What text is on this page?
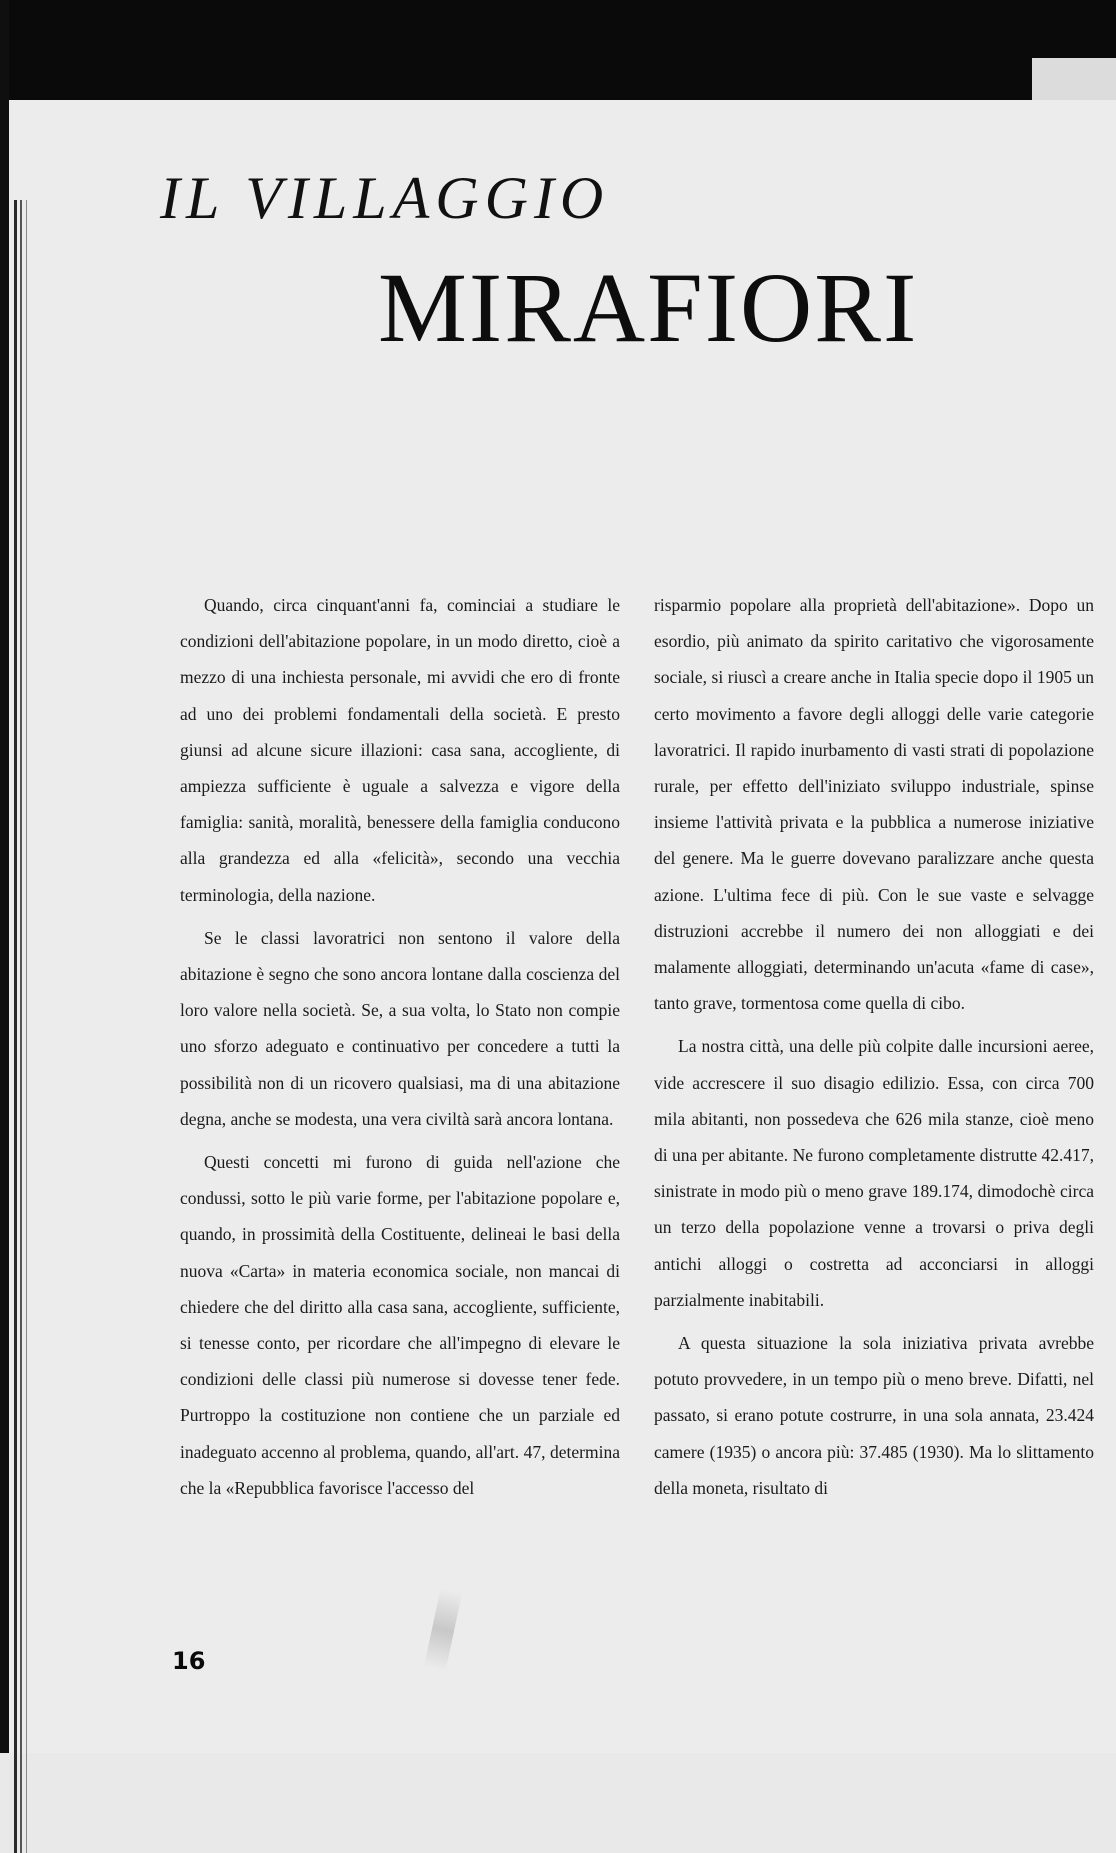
IL VILLAGGIO
MIRAFIORI

Quando, circa cinquant'anni fa, cominciai a studiare le condizioni dell'abitazione popolare, in un modo diretto, cioè a mezzo di una inchiesta personale, mi avvidi che ero di fronte ad uno dei problemi fondamentali della società. E presto giunsi ad alcune sicure illazioni: casa sana, accogliente, di ampiezza sufficiente è uguale a salvezza e vigore della famiglia: sanità, moralità, benessere della famiglia conducono alla grandezza ed alla «felicità», secondo una vecchia terminologia, della nazione.

Se le classi lavoratrici non sentono il valore della abitazione è segno che sono ancora lontane dalla coscienza del loro valore nella società. Se, a sua volta, lo Stato non compie uno sforzo adeguato e continuativo per concedere a tutti la possibilità non di un ricovero qualsiasi, ma di una abitazione degna, anche se modesta, una vera civiltà sarà ancora lontana.

Questi concetti mi furono di guida nell'azione che condussi, sotto le più varie forme, per l'abitazione popolare e, quando, in prossimità della Costituente, delineai le basi della nuova «Carta» in materia economica sociale, non mancai di chiedere che del diritto alla casa sana, accogliente, sufficiente, si tenesse conto, per ricordare che all'impegno di elevare le condizioni delle classi più numerose si dovesse tener fede. Purtroppo la costituzione non contiene che un parziale ed inadeguato accenno al problema, quando, all'art. 47, determina che la «Repubblica favorisce l'accesso del

risparmio popolare alla proprietà dell'abitazione». Dopo un esordio, più animato da spirito caritativo che vigorosamente sociale, si riuscì a creare anche in Italia specie dopo il 1905 un certo movimento a favore degli alloggi delle varie categorie lavoratrici. Il rapido inurbamento di vasti strati di popolazione rurale, per effetto dell'iniziato sviluppo industriale, spinse insieme l'attività privata e la pubblica a numerose iniziative del genere. Ma le guerre dovevano paralizzare anche questa azione. L'ultima fece di più. Con le sue vaste e selvagge distruzioni accrebbe il numero dei non alloggiati e dei malamente alloggiati, determinando un'acuta «fame di case», tanto grave, tormentosa come quella di cibo.

La nostra città, una delle più colpite dalle incursioni aeree, vide accrescere il suo disagio edilizio. Essa, con circa 700 mila abitanti, non possedeva che 626 mila stanze, cioè meno di una per abitante. Ne furono completamente distrutte 42.417, sinistrate in modo più o meno grave 189.174, dimodochè circa un terzo della popolazione venne a trovarsi o priva degli antichi alloggi o costretta ad acconciarsi in alloggi parzialmente inabitabili.

A questa situazione la sola iniziativa privata avrebbe potuto provvedere, in un tempo più o meno breve. Difatti, nel passato, si erano potute costrurre, in una sola annata, 23.424 camere (1935) o ancora più: 37.485 (1930). Ma lo slittamento della moneta, risultato di

16
